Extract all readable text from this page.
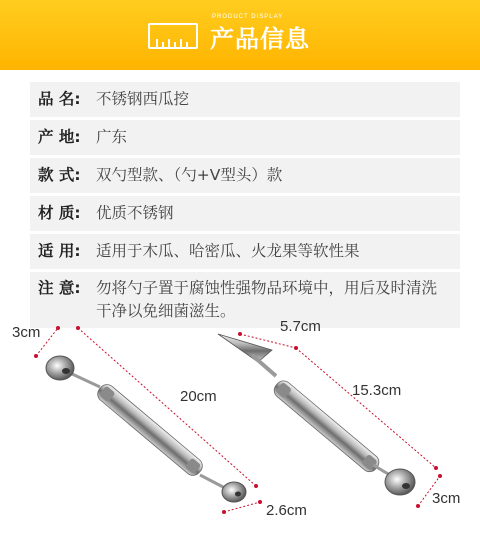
PRODUCT DISPLAY
产品信息
品 名: 不锈钢西瓜挖
产 地: 广东
款 式: 双勺型款、（勺+V型头）款
材 质: 优质不锈钢
适 用: 适用于木瓜、哈密瓜、火龙果等软性果
注 意: 勿将勺子置于腐蚀性强物品环境中，用后及时清洗干净以免细菌滋生。
3cm
20cm
2.6cm
5.7cm
15.3cm
3cm
